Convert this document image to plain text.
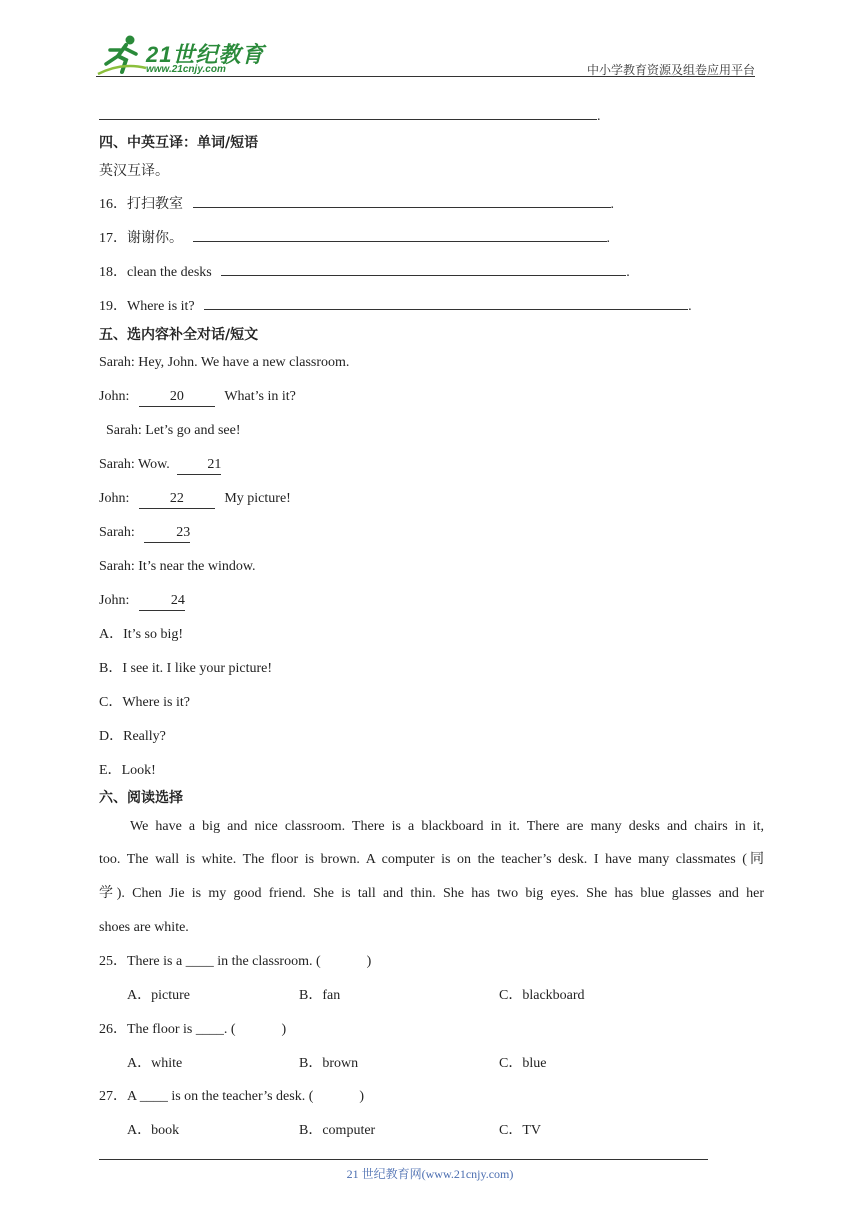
21世纪教育
www.21cnjy.com	中小学教育资源及组卷应用平台
.
四、中英互译：单词/短语
英汉互译。
16．打扫教室	.
17．谢谢你。	.
18．clean the desks	.
19．Where is it?	.
五、选内容补全对话/短文
Sarah: Hey, John. We have a new classroom.
John:	20	What’s in it?
Sarah: Let’s go and see!
Sarah: Wow.	21
John:	22	My picture!
Sarah:	23
Sarah: It’s near the window.
John:	24
A．It’s so big!
B．I see it. I like your picture!
C．Where is it?
D．Really?
E．Look!
六、阅读选择
We have a big and nice classroom. There is a blackboard in it. There are many desks and chairs in it,
too. The wall is white. The floor is brown. A computer is on the teacher’s desk. I have many classmates (同
学). Chen Jie is my good friend. She is tall and thin. She has two big eyes. She has blue glasses and her
shoes are white.
25．There is a ____ in the classroom. (	)
A．picture	B．fan	C．blackboard
26．The floor is ____. (	)
A．white	B．brown	C．blue
27．A ____ is on the teacher’s desk. (	)
A．book	B．computer	C．TV
21 世纪教育网(www.21cnjy.com)
